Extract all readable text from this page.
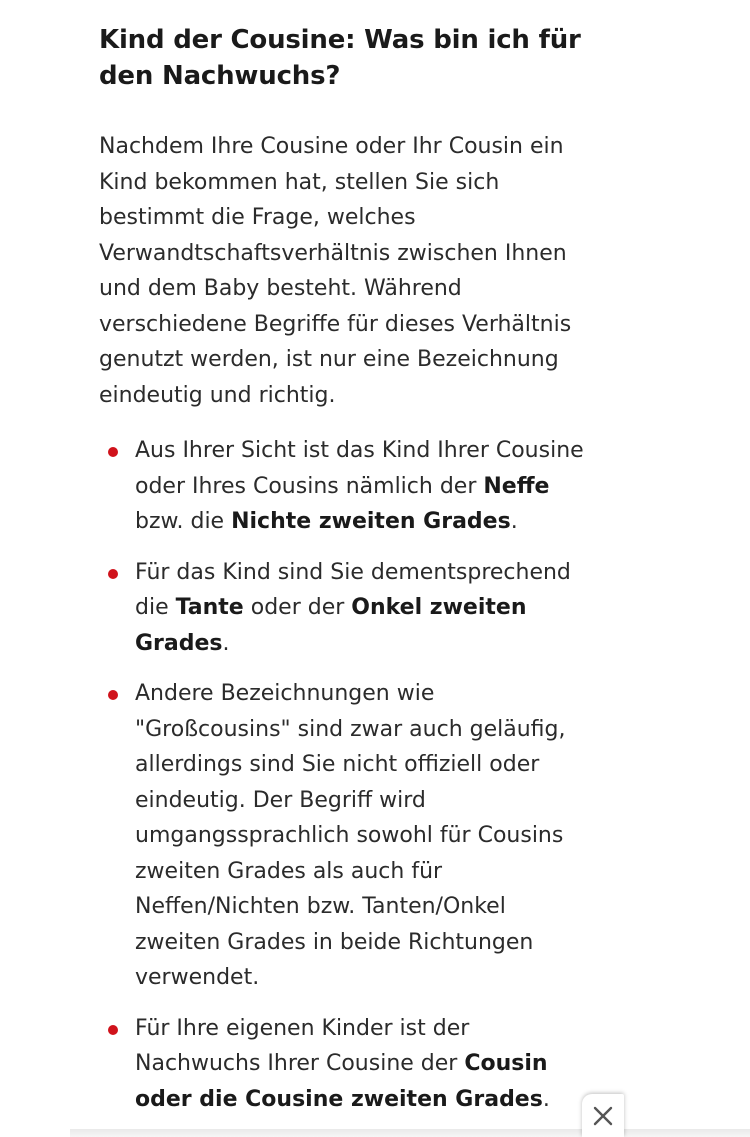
Kind der Cousine: Was bin ich für den Nachwuchs?

Nachdem Ihre Cousine oder Ihr Cousin ein Kind bekommen hat, stellen Sie sich bestimmt die Frage, welches Verwandtschaftsverhältnis zwischen Ihnen und dem Baby besteht. Während verschiedene Begriffe für dieses Verhältnis genutzt werden, ist nur eine Bezeichnung eindeutig und richtig.

Aus Ihrer Sicht ist das Kind Ihrer Cousine oder Ihres Cousins nämlich der Neffe bzw. die Nichte zweiten Grades.
Für das Kind sind Sie dementsprechend die Tante oder der Onkel zweiten Grades.
Andere Bezeichnungen wie "Großcousins" sind zwar auch geläufig, allerdings sind Sie nicht offiziell oder eindeutig. Der Begriff wird umgangssprachlich sowohl für Cousins zweiten Grades als auch für Neffen/Nichten bzw. Tanten/Onkel zweiten Grades in beide Richtungen verwendet.
Für Ihre eigenen Kinder ist der Nachwuchs Ihrer Cousine der Cousin oder die Cousine zweiten Grades.
